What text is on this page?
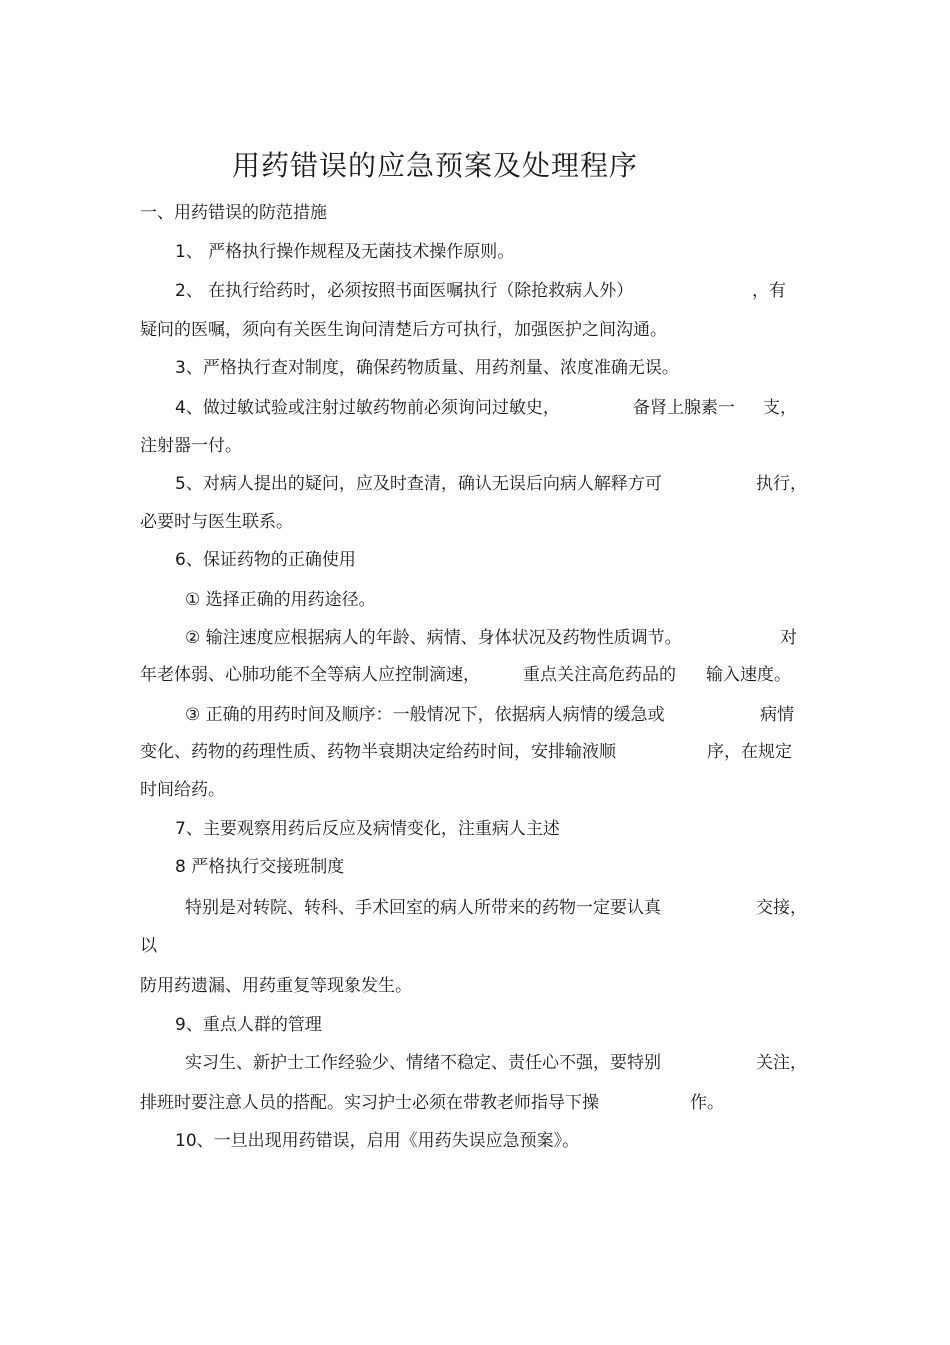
用药错误的应急预案及处理程序
一、用药错误的防范措施
1、 严格执行操作规程及无菌技术操作原则。
2、 在执行给药时，必须按照书面医嘱执行（除抢救病人外）	，有
疑问的医嘱，须向有关医生询问清楚后方可执行，加强医护之间沟通。
3、严格执行查对制度，确保药物质量、用药剂量、浓度准确无误。
4、做过敏试验或注射过敏药物前必须询问过敏史，	备肾上腺素一 支，
注射器一付。
5、对病人提出的疑问，应及时查清，确认无误后向病人解释方可	执行，
必要时与医生联系。
6、保证药物的正确使用
① 选择正确的用药途径。
② 输注速度应根据病人的年龄、病情、身体状况及药物性质调节。	对
年老体弱、心肺功能不全等病人应控制滴速，	重点关注高危药品的 输入速度。
③ 正确的用药时间及顺序：一般情况下，依据病人病情的缓急或	病情
变化、药物的药理性质、药物半衰期决定给药时间，安排输液顺	序，在规定
时间给药。
7、主要观察用药后反应及病情变化，注重病人主述
8 严格执行交接班制度
特别是对转院、转科、手术回室的病人所带来的药物一定要认真	交接，
以
防用药遗漏、用药重复等现象发生。
9、重点人群的管理
实习生、新护士工作经验少、情绪不稳定、责任心不强，要特别	关注，
排班时要注意人员的搭配。实习护士必须在带教老师指导下操	作。
10、一旦出现用药错误，启用《用药失误应急预案》。
